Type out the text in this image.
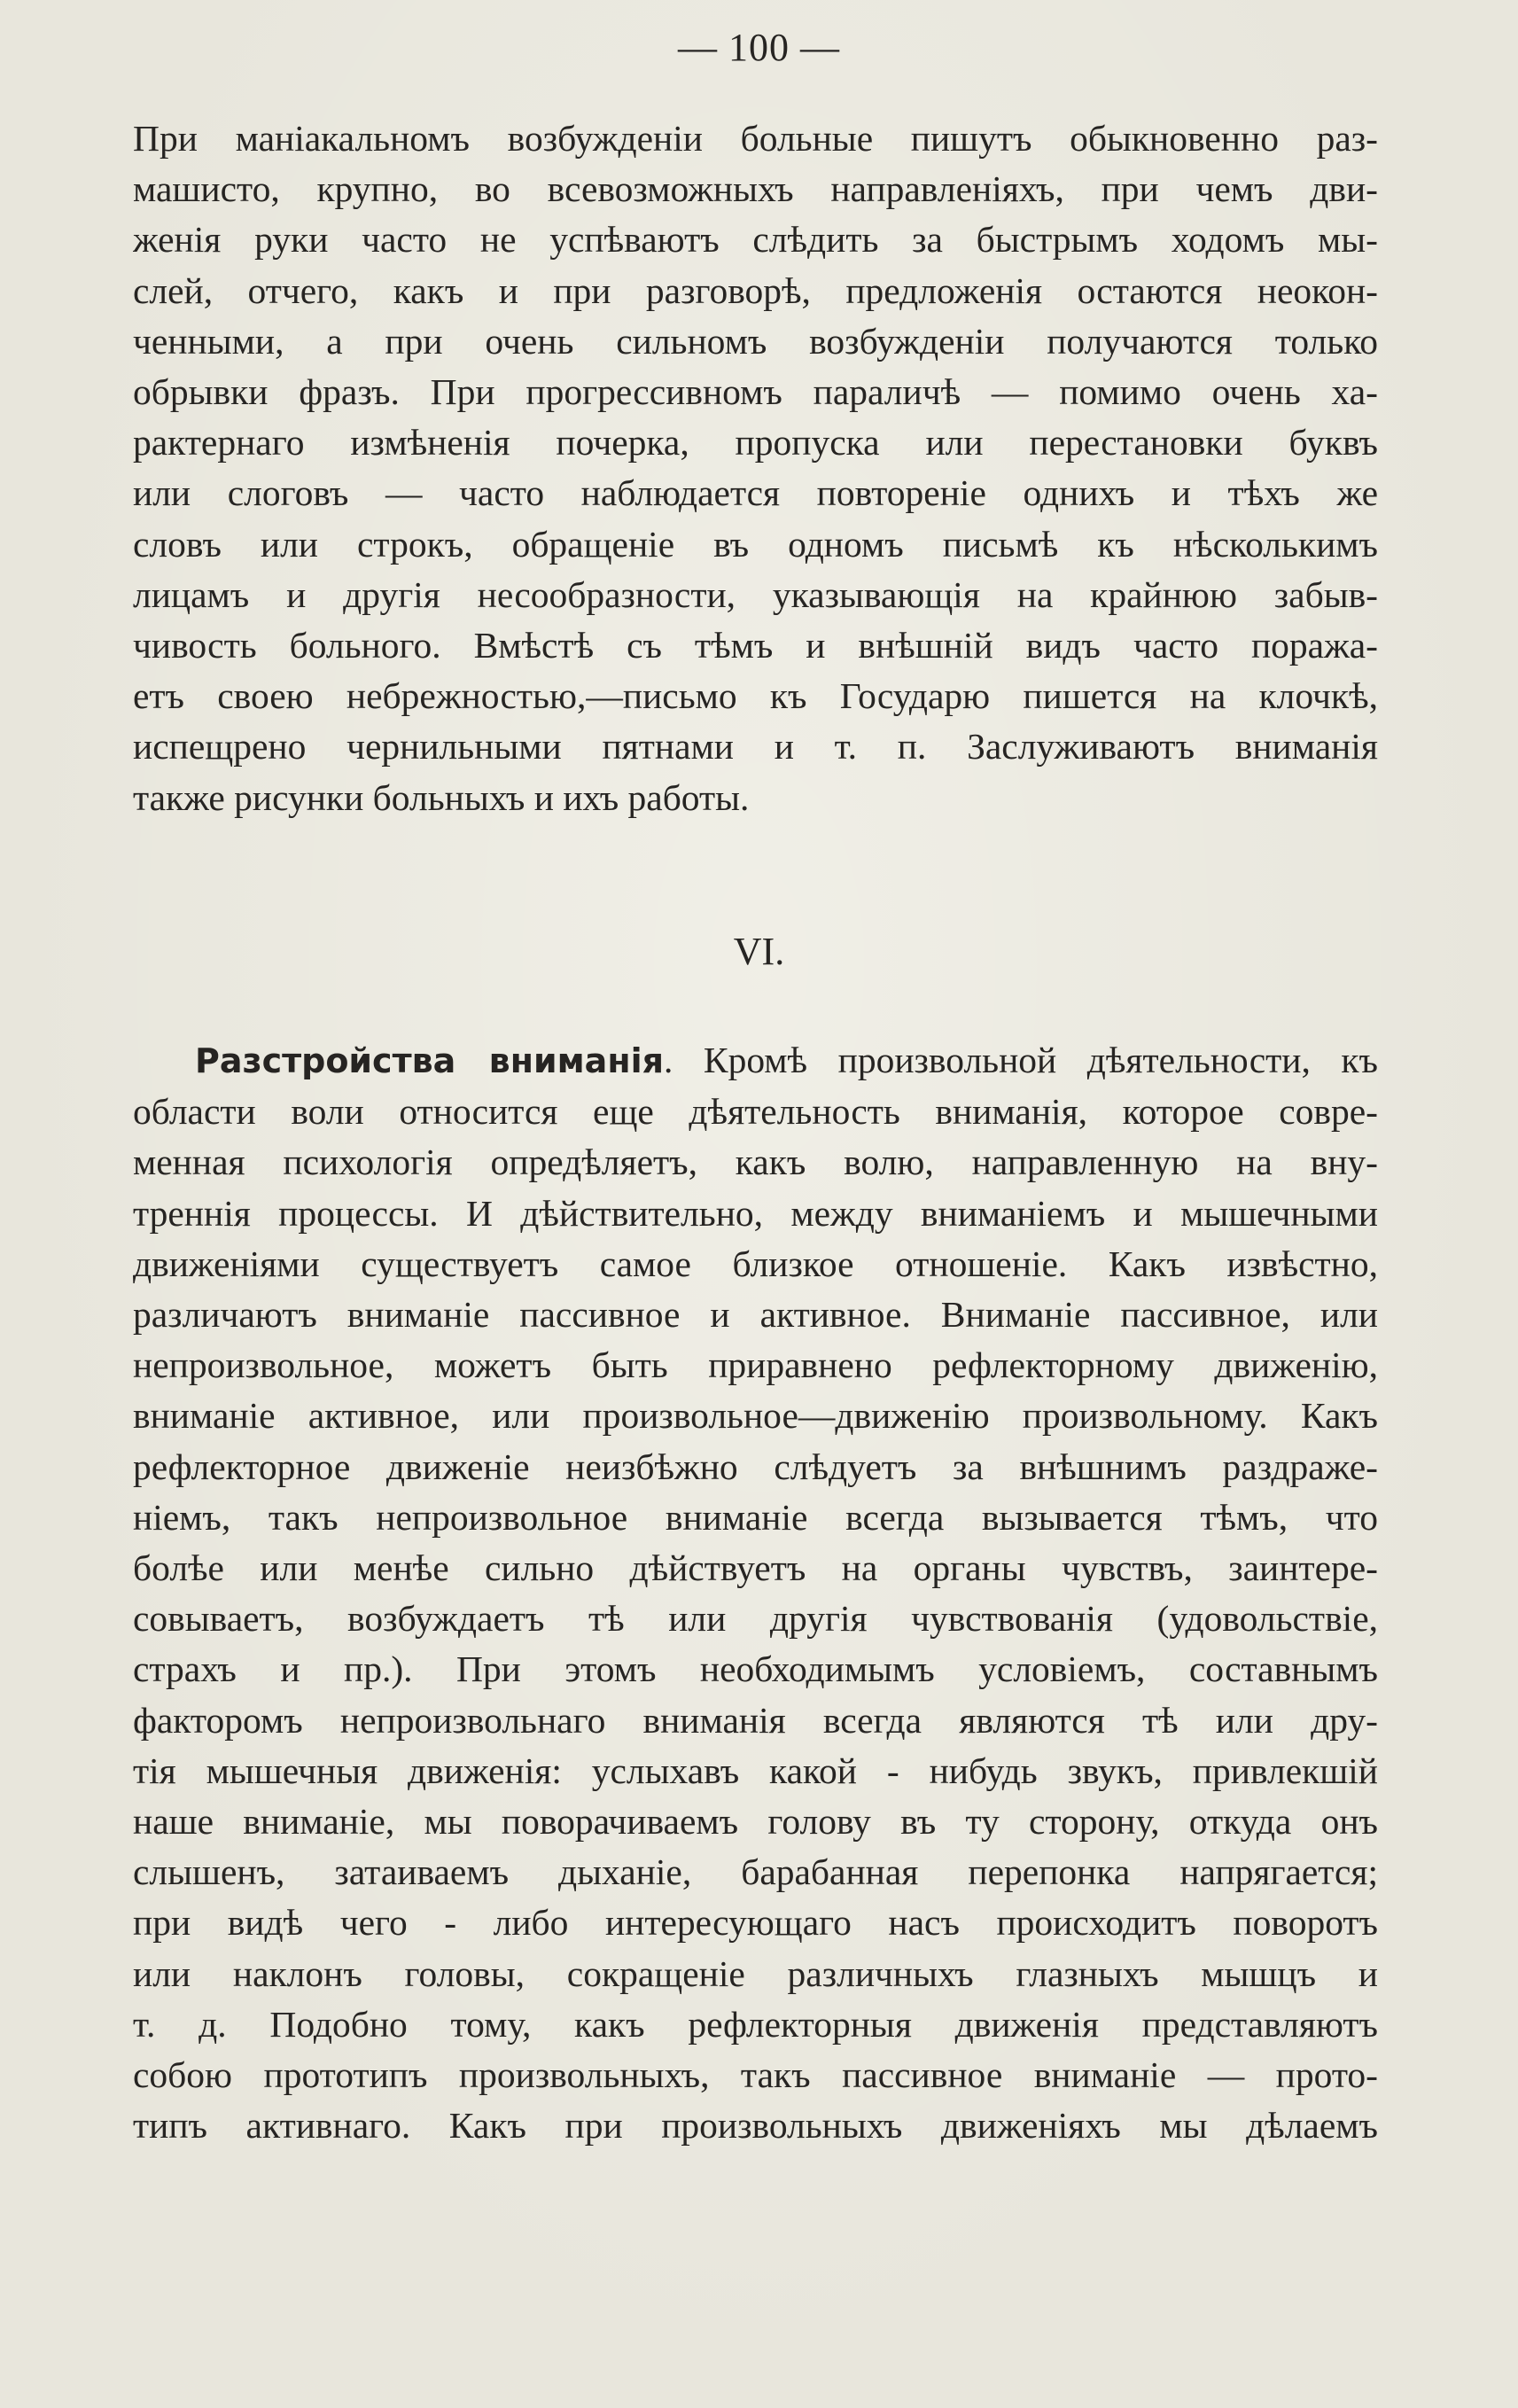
— 100 —
При маніакальномъ возбужденіи больные пишутъ обыкновенно раз-
машисто, крупно, во всевозможныхъ направленіяхъ, при чемъ дви-
женія руки часто не успѣваютъ слѣдить за быстрымъ ходомъ мы-
слей, отчего, какъ и при разговорѣ, предложенія остаются неокон-
ченными, а при очень сильномъ возбужденіи получаются только
обрывки фразъ. При прогрессивномъ параличѣ — помимо очень ха-
рактернаго измѣненія почерка, пропуска или перестановки буквъ
или слоговъ — часто наблюдается повтореніе однихъ и тѣхъ же
словъ или строкъ, обращеніе въ одномъ письмѣ къ нѣсколькимъ
лицамъ и другія несообразности, указывающія на крайнюю забыв-
чивость больного. Вмѣстѣ съ тѣмъ и внѣшній видъ часто поража-
етъ своею небрежностью,—письмо къ Государю пишется на клочкѣ,
испещрено чернильными пятнами и т. п. Заслуживаютъ вниманія
также рисунки больныхъ и ихъ работы.
VI.
Разстройства вниманія. Кромѣ произвольной дѣятельности, къ
области воли относится еще дѣятельность вниманія, которое совре-
менная психологія опредѣляетъ, какъ волю, направленную на вну-
треннія процессы. И дѣйствительно, между вниманіемъ и мышечными
движеніями существуетъ самое близкое отношеніе. Какъ извѣстно,
различаютъ вниманіе пассивное и активное. Вниманіе пассивное, или
непроизвольное, можетъ быть приравнено рефлекторному движенію,
вниманіе активное, или произвольное—движенію произвольному. Какъ
рефлекторное движеніе неизбѣжно слѣдуетъ за внѣшнимъ раздраже-
ніемъ, такъ непроизвольное вниманіе всегда вызывается тѣмъ, что
болѣе или менѣе сильно дѣйствуетъ на органы чувствъ, заинтере-
совываетъ, возбуждаетъ тѣ или другія чувствованія (удовольствіе,
страхъ и пр.). При этомъ необходимымъ условіемъ, составнымъ
факторомъ непроизвольнаго вниманія всегда являются тѣ или дру-
тія мышечныя движенія: услыхавъ какой - нибудь звукъ, привлекшій
наше вниманіе, мы поворачиваемъ голову въ ту сторону, откуда онъ
слышенъ, затаиваемъ дыханіе, барабанная перепонка напрягается;
при видѣ чего - либо интересующаго насъ происходитъ поворотъ
или наклонъ головы, сокращеніе различныхъ глазныхъ мышцъ и
т. д. Подобно тому, какъ рефлекторныя движенія представляютъ
собою прототипъ произвольныхъ, такъ пассивное вниманіе — прото-
типъ активнаго. Какъ при произвольныхъ движеніяхъ мы дѣлаемъ
